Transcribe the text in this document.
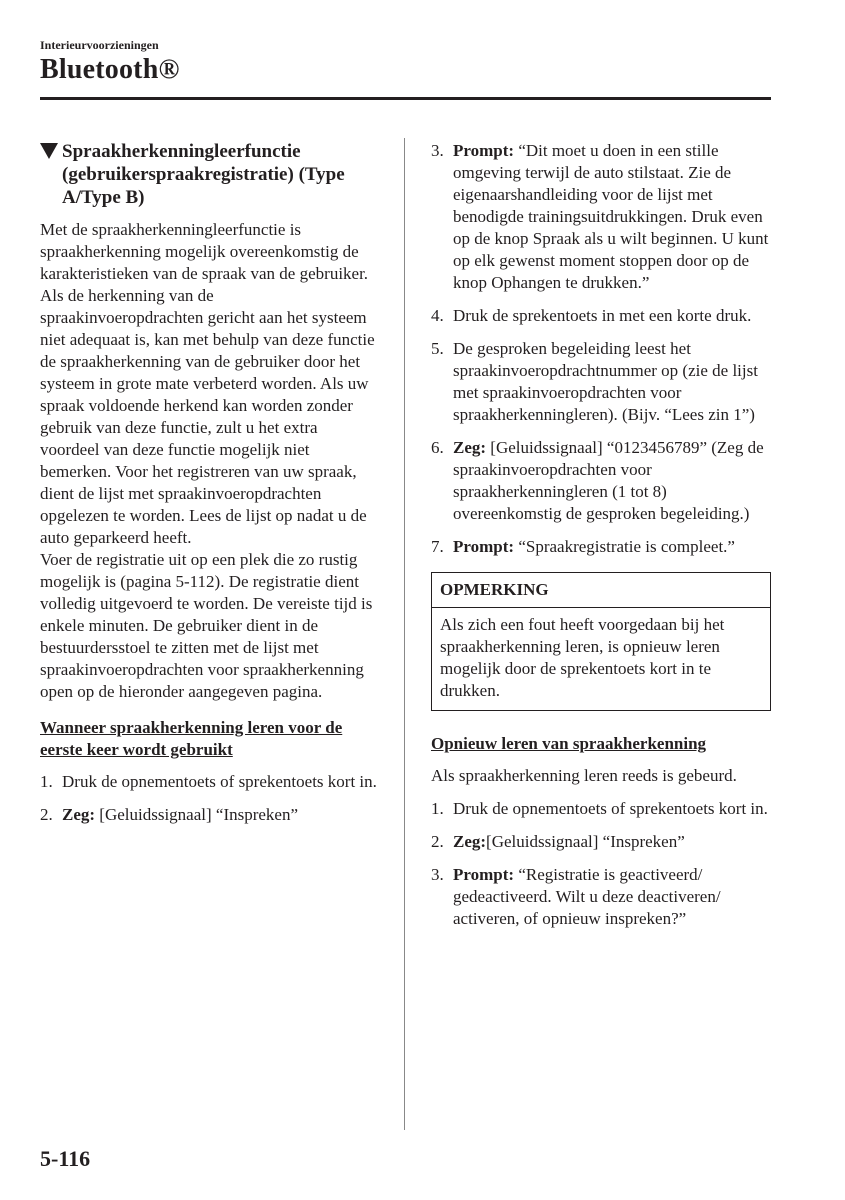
Interieurvoorzieningen
Bluetooth®
Spraakherkenningleerfunctie (gebruikerspraakregistratie) (Type A/Type B)

Met de spraakherkenningleerfunctie is spraakherkenning mogelijk overeenkomstig de karakteristieken van de spraak van de gebruiker. Als de herkenning van de spraakinvoeropdrachten gericht aan het systeem niet adequaat is, kan met behulp van deze functie de spraakherkenning van de gebruiker door het systeem in grote mate verbeterd worden. Als uw spraak voldoende herkend kan worden zonder gebruik van deze functie, zult u het extra voordeel van deze functie mogelijk niet bemerken. Voor het registreren van uw spraak, dient de lijst met spraakinvoeropdrachten opgelezen te worden. Lees de lijst op nadat u de auto geparkeerd heeft.

Voer de registratie uit op een plek die zo rustig mogelijk is (pagina 5-112). De registratie dient volledig uitgevoerd te worden. De vereiste tijd is enkele minuten. De gebruiker dient in de bestuurdersstoel te zitten met de lijst met spraakinvoeropdrachten voor spraakherkenning open op de hieronder aangegeven pagina.

Wanneer spraakherkenning leren voor de eerste keer wordt gebruikt
1. Druk de opnementoets of sprekentoets kort in.
2. Zeg: [Geluidssignaal] “Inspreken”
3. Prompt: “Dit moet u doen in een stille omgeving terwijl de auto stilstaat. Zie de eigenaarshandleiding voor de lijst met benodigde trainingsuitdrukkingen. Druk even op de knop Spraak als u wilt beginnen. U kunt op elk gewenst moment stoppen door op de knop Ophangen te drukken.”
4. Druk de sprekentoets in met een korte druk.
5. De gesproken begeleiding leest het spraakinvoeropdrachtnummer op (zie de lijst met spraakinvoeropdrachten voor spraakherkenningleren). (Bijv. “Lees zin 1”)
6. Zeg: [Geluidssignaal] “0123456789” (Zeg de spraakinvoeropdrachten voor spraakherkenningleren (1 tot 8) overeenkomstig de gesproken begeleiding.)
7. Prompt: “Spraakregistratie is compleet.”
OPMERKING
Als zich een fout heeft voorgedaan bij het spraakherkenning leren, is opnieuw leren mogelijk door de sprekentoets kort in te drukken.
Opnieuw leren van spraakherkenning

Als spraakherkenning leren reeds is gebeurd.

1. Druk de opnementoets of sprekentoets kort in.
2. Zeg:[Geluidssignaal] “Inspreken”
3. Prompt: “Registratie is geactiveerd/ gedeactiveerd. Wilt u deze deactiveren/ activeren, of opnieuw inspreken?”
5-116
